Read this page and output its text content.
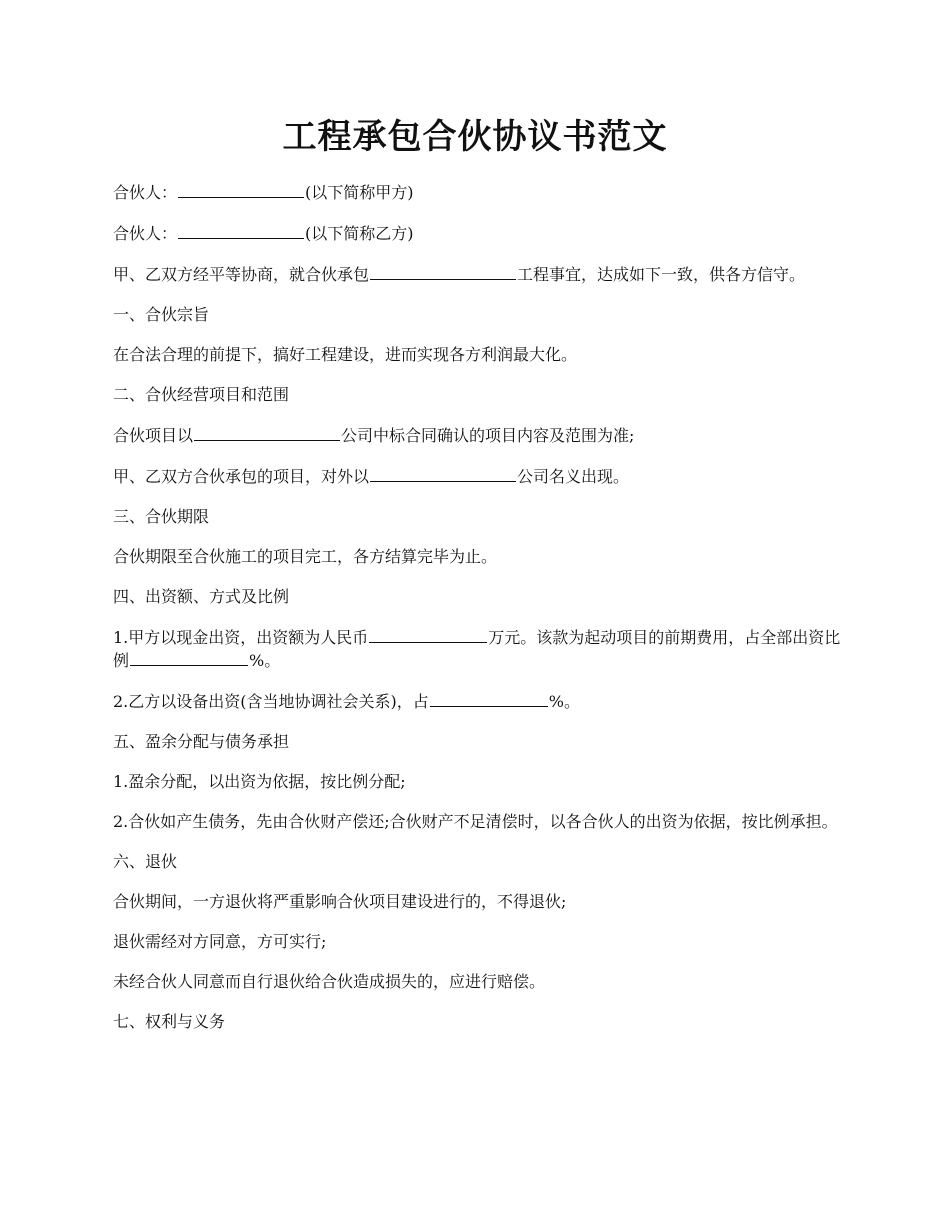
工程承包合伙协议书范文

合伙人：	(以下简称甲方)

合伙人：	(以下简称乙方)

甲、乙双方经平等协商，就合伙承包	工程事宜，达成如下一致，供各方信守。

一、合伙宗旨

在合法合理的前提下，搞好工程建设，进而实现各方利润最大化。

二、合伙经营项目和范围

合伙项目以	公司中标合同确认的项目内容及范围为准;

甲、乙双方合伙承包的项目，对外以	公司名义出现。

三、合伙期限

合伙期限至合伙施工的项目完工，各方结算完毕为止。

四、出资额、方式及比例

1.甲方以现金出资，出资额为人民币	万元。该款为起动项目的前期费用，占全部出资比例	%。

2.乙方以设备出资(含当地协调社会关系)，占	%。

五、盈余分配与债务承担

1.盈余分配，以出资为依据，按比例分配;

2.合伙如产生债务，先由合伙财产偿还;合伙财产不足清偿时，以各合伙人的出资为依据，按比例承担。

六、退伙

合伙期间，一方退伙将严重影响合伙项目建设进行的，不得退伙;

退伙需经对方同意，方可实行;

未经合伙人同意而自行退伙给合伙造成损失的，应进行赔偿。

七、权利与义务
